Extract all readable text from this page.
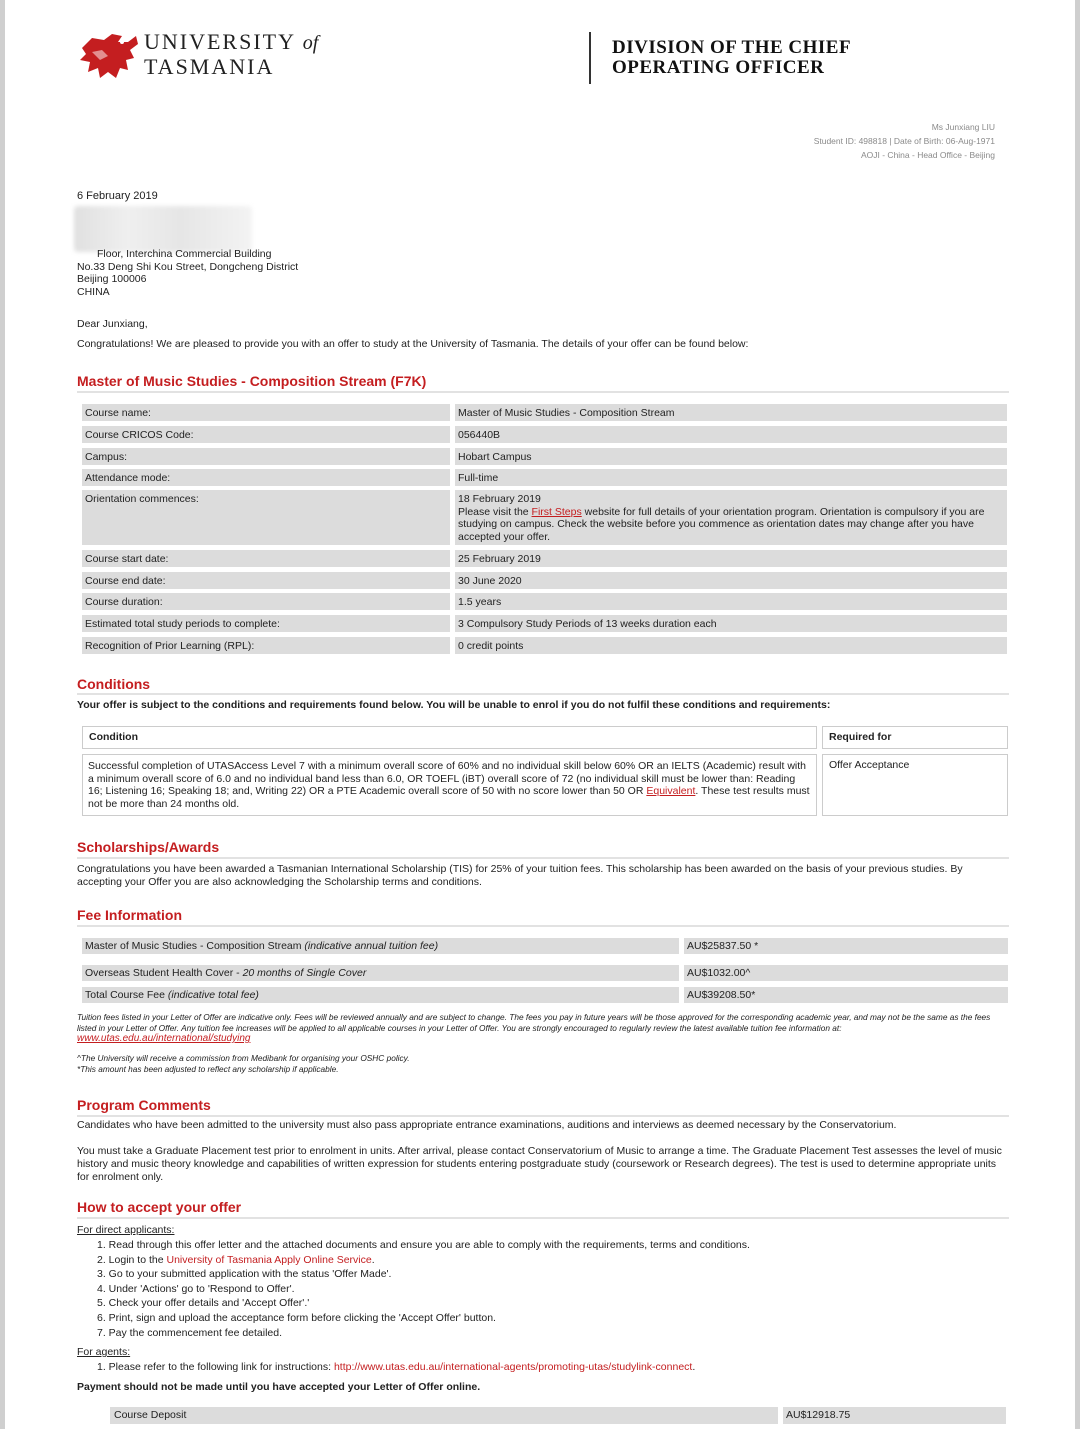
UNIVERSITY of
TASMANIA
DIVISION OF THE CHIEF
OPERATING OFFICER
Ms Junxiang LIU
Student ID: 498818 | Date of Birth: 06-Aug-1971
AOJI - China - Head Office - Beijing
6 February 2019
Floor, Interchina Commercial Building
No.33 Deng Shi Kou Street, Dongcheng District
Beijing 100006
CHINA
Dear Junxiang,
Congratulations! We are pleased to provide you with an offer to study at the University of Tasmania. The details of your offer can be found below:
Master of Music Studies - Composition Stream (F7K)
Course name:	Master of Music Studies - Composition Stream
Course CRICOS Code:	056440B
Campus:	Hobart Campus
Attendance mode:	Full-time
Orientation commences:	18 February 2019
Please visit the First Steps website for full details of your orientation program. Orientation is compulsory if you are studying on campus. Check the website before you commence as orientation dates may change after you have accepted your offer.
Course start date:	25 February 2019
Course end date:	30 June 2020
Course duration:	1.5 years
Estimated total study periods to complete:	3 Compulsory Study Periods of 13 weeks duration each
Recognition of Prior Learning (RPL):	0 credit points
Conditions
Your offer is subject to the conditions and requirements found below. You will be unable to enrol if you do not fulfil these conditions and requirements:
Condition	Required for
Successful completion of UTASAccess Level 7 with a minimum overall score of 60% and no individual skill below 60% OR an IELTS (Academic) result with a minimum overall score of 6.0 and no individual band less than 6.0, OR TOEFL (iBT) overall score of 72 (no individual skill must be lower than: Reading 16; Listening 16; Speaking 18; and, Writing 22) OR a PTE Academic overall score of 50 with no score lower than 50 OR Equivalent. These test results must not be more than 24 months old.
Offer Acceptance
Scholarships/Awards
Congratulations you have been awarded a Tasmanian International Scholarship (TIS) for 25% of your tuition fees. This scholarship has been awarded on the basis of your previous studies. By accepting your Offer you are also acknowledging the Scholarship terms and conditions.
Fee Information
Master of Music Studies - Composition Stream (indicative annual tuition fee)	AU$25837.50 *
Overseas Student Health Cover - 20 months of Single Cover	AU$1032.00^
Total Course Fee (indicative total fee)	AU$39208.50*
Tuition fees listed in your Letter of Offer are indicative only. Fees will be reviewed annually and are subject to change. The fees you pay in future years will be those approved for the corresponding academic year, and may not be the same as the fees listed in your Letter of Offer. Any tuition fee increases will be applied to all applicable courses in your Letter of Offer. You are strongly encouraged to regularly review the latest available tuition fee information at:
www.utas.edu.au/international/studying
^The University will receive a commission from Medibank for organising your OSHC policy.
*This amount has been adjusted to reflect any scholarship if applicable.
Program Comments
Candidates who have been admitted to the university must also pass appropriate entrance examinations, auditions and interviews as deemed necessary by the Conservatorium.
You must take a Graduate Placement test prior to enrolment in units. After arrival, please contact Conservatorium of Music to arrange a time. The Graduate Placement Test assesses the level of music history and music theory knowledge and capabilities of written expression for students entering postgraduate study (coursework or Research degrees). The test is used to determine appropriate units for enrolment only.
How to accept your offer
For direct applicants:
1. Read through this offer letter and the attached documents and ensure you are able to comply with the requirements, terms and conditions.
2. Login to the University of Tasmania Apply Online Service.
3. Go to your submitted application with the status 'Offer Made'.
4. Under 'Actions' go to 'Respond to Offer'.
5. Check your offer details and 'Accept Offer'.'
6. Print, sign and upload the acceptance form before clicking the 'Accept Offer' button.
7. Pay the commencement fee detailed.
For agents:
1. Please refer to the following link for instructions: http://www.utas.edu.au/international-agents/promoting-utas/studylink-connect.
Payment should not be made until you have accepted your Letter of Offer online.
Course Deposit	AU$12918.75
